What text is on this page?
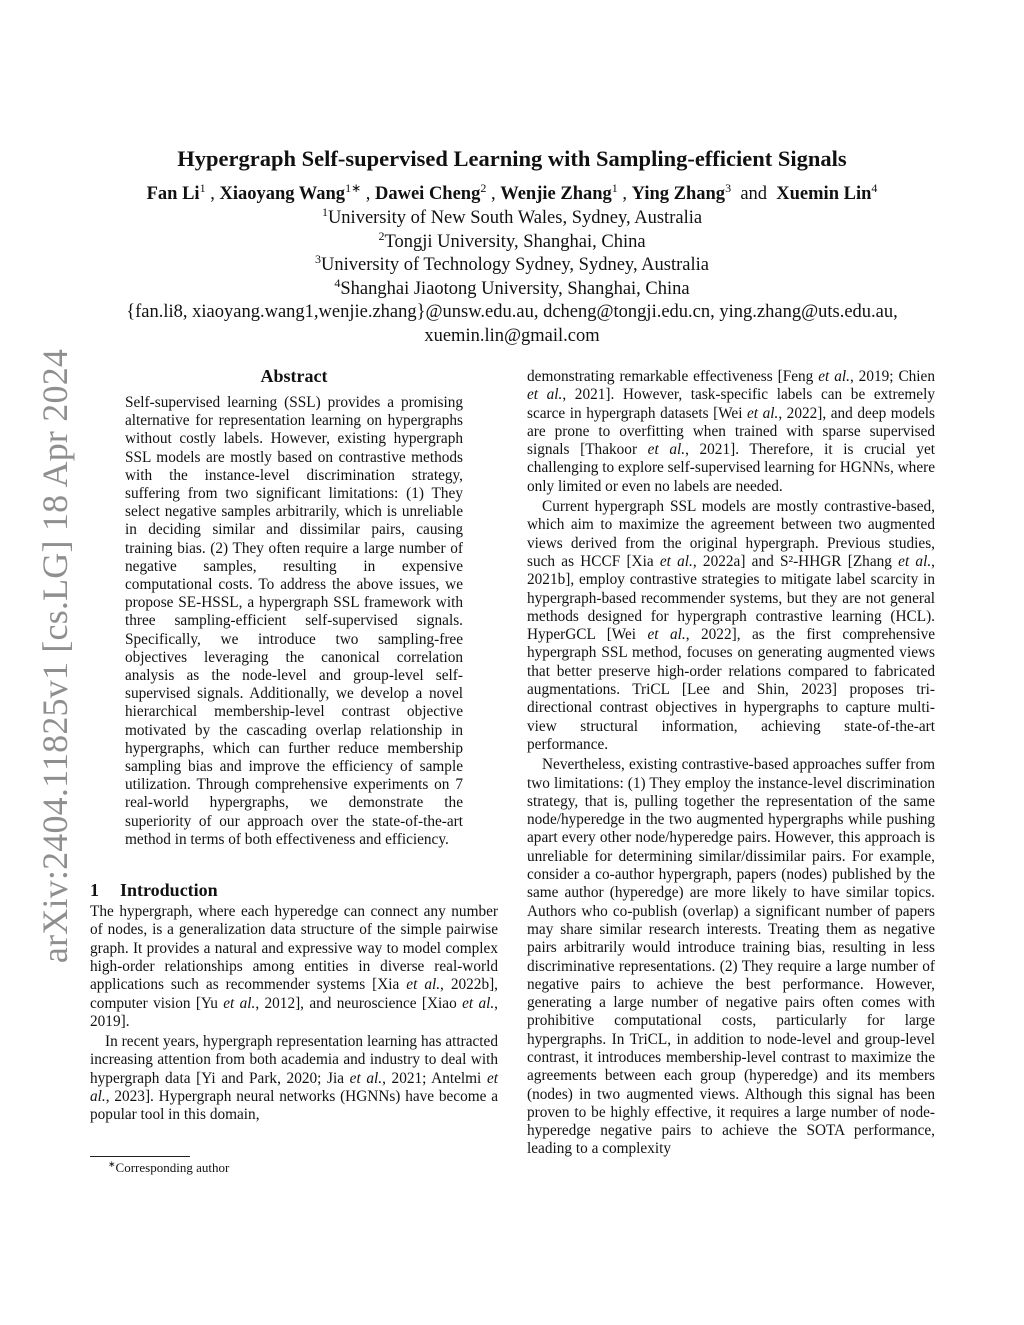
arXiv:2404.11825v1 [cs.LG] 18 Apr 2024
Hypergraph Self-supervised Learning with Sampling-efficient Signals
Fan Li$^1$ , Xiaoyang Wang$^{1∗}$ , Dawei Cheng$^2$ , Wenjie Zhang$^1$ , Ying Zhang$^3$ and Xuemin Lin$^4$
$^1$University of New South Wales, Sydney, Australia
$^2$Tongji University, Shanghai, China
$^3$University of Technology Sydney, Sydney, Australia
$^4$Shanghai Jiaotong University, Shanghai, China
{fan.li8, xiaoyang.wang1,wenjie.zhang}@unsw.edu.au, dcheng@tongji.edu.cn, ying.zhang@uts.edu.au,
xuemin.lin@gmail.com
Abstract
Self-supervised learning (SSL) provides a promising alternative for representation learning on hypergraphs without costly labels. However, existing hypergraph SSL models are mostly based on contrastive methods with the instance-level discrimination strategy, suffering from two significant limitations: (1) They select negative samples arbitrarily, which is unreliable in deciding similar and dissimilar pairs, causing training bias. (2) They often require a large number of negative samples, resulting in expensive computational costs. To address the above issues, we propose SE-HSSL, a hypergraph SSL framework with three sampling-efficient self-supervised signals. Specifically, we introduce two sampling-free objectives leveraging the canonical correlation analysis as the node-level and group-level self-supervised signals. Additionally, we develop a novel hierarchical membership-level contrast objective motivated by the cascading overlap relationship in hypergraphs, which can further reduce membership sampling bias and improve the efficiency of sample utilization. Through comprehensive experiments on 7 real-world hypergraphs, we demonstrate the superiority of our approach over the state-of-the-art method in terms of both effectiveness and efficiency.
1 Introduction

The hypergraph, where each hyperedge can connect any number of nodes, is a generalization data structure of the simple pairwise graph. It provides a natural and expressive way to model complex high-order relationships among entities in diverse real-world applications such as recommender systems [Xia et al., 2022b], computer vision [Yu et al., 2012], and neuroscience [Xiao et al., 2019].

In recent years, hypergraph representation learning has attracted increasing attention from both academia and industry to deal with hypergraph data [Yi and Park, 2020; Jia et al., 2021; Antelmi et al., 2023]. Hypergraph neural networks (HGNNs) have become a popular tool in this domain,

demonstrating remarkable effectiveness [Feng et al., 2019; Chien et al., 2021]. However, task-specific labels can be extremely scarce in hypergraph datasets [Wei et al., 2022], and deep models are prone to overfitting when trained with sparse supervised signals [Thakoor et al., 2021]. Therefore, it is crucial yet challenging to explore self-supervised learning for HGNNs, where only limited or even no labels are needed.

Current hypergraph SSL models are mostly contrastive-based, which aim to maximize the agreement between two augmented views derived from the original hypergraph. Previous studies, such as HCCF [Xia et al., 2022a] and S²-HHGR [Zhang et al., 2021b], employ contrastive strategies to mitigate label scarcity in hypergraph-based recommender systems, but they are not general methods designed for hypergraph contrastive learning (HCL). HyperGCL [Wei et al., 2022], as the first comprehensive hypergraph SSL method, focuses on generating augmented views that better preserve high-order relations compared to fabricated augmentations. TriCL [Lee and Shin, 2023] proposes tri-directional contrast objectives in hypergraphs to capture multi-view structural information, achieving state-of-the-art performance.

Nevertheless, existing contrastive-based approaches suffer from two limitations: (1) They employ the instance-level discrimination strategy, that is, pulling together the representation of the same node/hyperedge in the two augmented hypergraphs while pushing apart every other node/hyperedge pairs. However, this approach is unreliable for determining similar/dissimilar pairs. For example, consider a co-author hypergraph, papers (nodes) published by the same author (hyperedge) are more likely to have similar topics. Authors who co-publish (overlap) a significant number of papers may share similar research interests. Treating them as negative pairs arbitrarily would introduce training bias, resulting in less discriminative representations. (2) They require a large number of negative pairs to achieve the best performance. However, generating a large number of negative pairs often comes with prohibitive computational costs, particularly for large hypergraphs. In TriCL, in addition to node-level and group-level contrast, it introduces membership-level contrast to maximize the agreements between each group (hyperedge) and its members (nodes) in two augmented views. Although this signal has been proven to be highly effective, it requires a large number of node-hyperedge negative pairs to achieve the SOTA performance, leading to a complexity

∗Corresponding author
